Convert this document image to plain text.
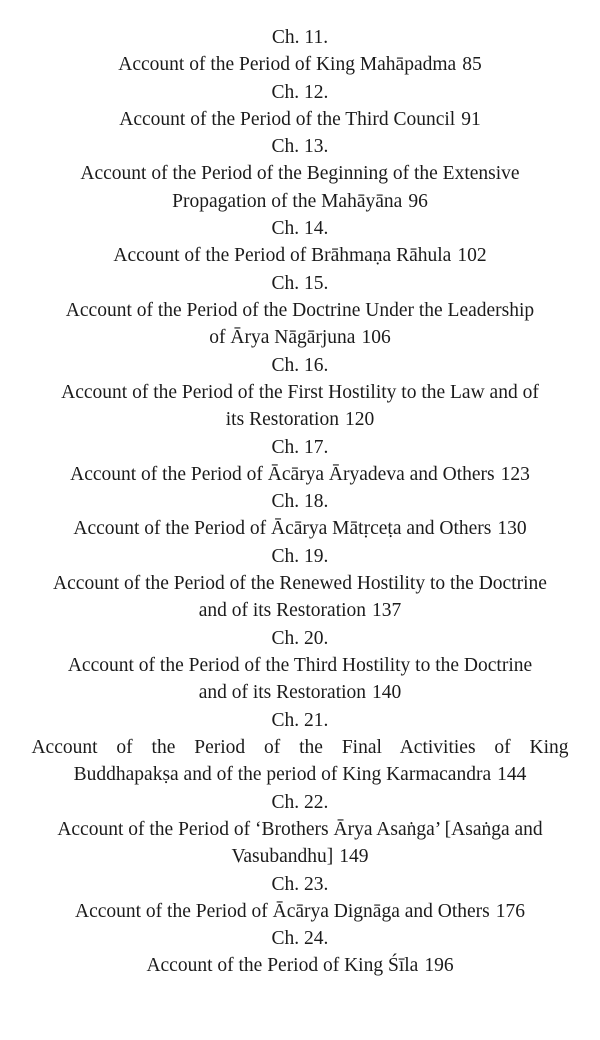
Ch. 11.
Account of the Period of King Mahāpadma 85
Ch. 12.
Account of the Period of the Third Council 91
Ch. 13.
Account of the Period of the Beginning of the Extensive
Propagation of the Mahāyāna 96
Ch. 14.
Account of the Period of Brāhmaṇa Rāhula 102
Ch. 15.
Account of the Period of the Doctrine Under the Leadership
of Ārya Nāgārjuna 106
Ch. 16.
Account of the Period of the First Hostility to the Law and of
its Restoration 120
Ch. 17.
Account of the Period of Ācārya Āryadeva and Others 123
Ch. 18.
Account of the Period of Ācārya Mātṛceṭa and Others 130
Ch. 19.
Account of the Period of the Renewed Hostility to the Doctrine
and of its Restoration 137
Ch. 20.
Account of the Period of the Third Hostility to the Doctrine
and of its Restoration 140
Ch. 21.
Account of the Period of the Final Activities of King
Buddhapakṣa and of the period of King Karmacandra 144
Ch. 22.
Account of the Period of ‘Brothers Ārya Asaṅga’ [Asaṅga and
Vasubandhu] 149
Ch. 23.
Account of the Period of Ācārya Dignāga and Others 176
Ch. 24.
Account of the Period of King Śīla 196
